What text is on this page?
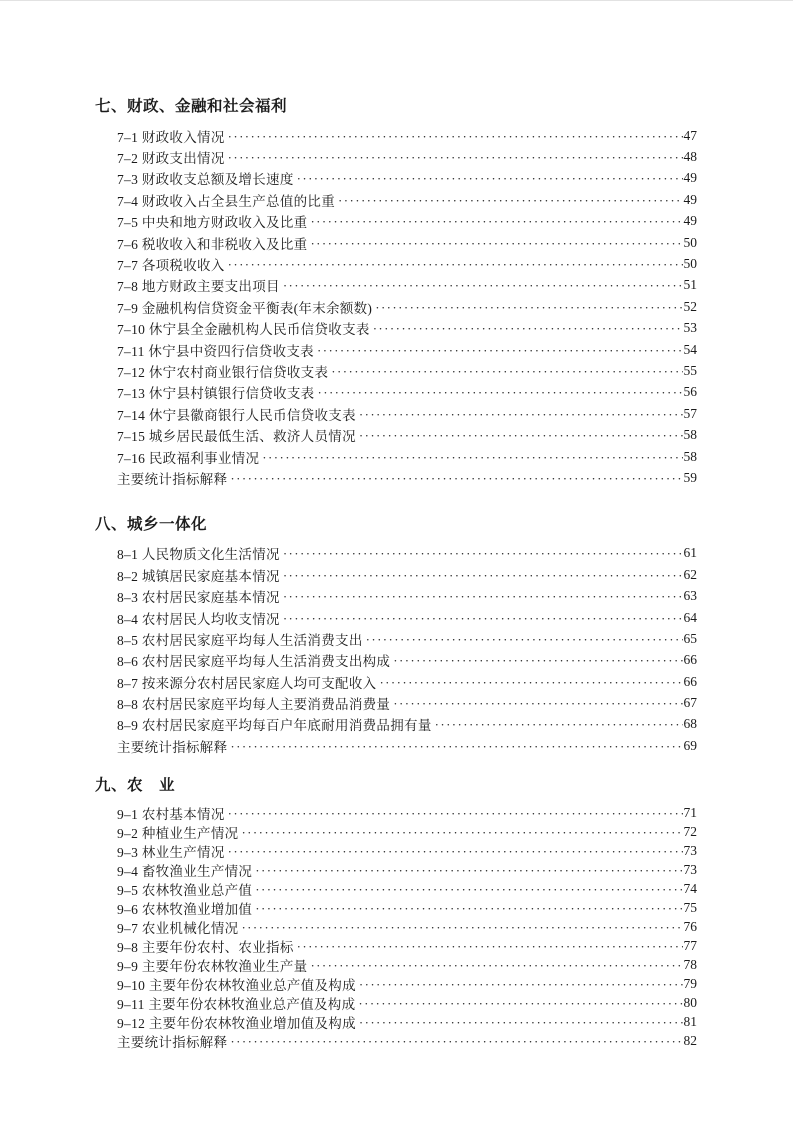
七、财政、金融和社会福利
7–1 财政收入情况 ·····	47
7–2 财政支出情况 ·····	48
7–3 财政收支总额及增长速度 ·····	49
7–4 财政收入占全县生产总值的比重 ·····	49
7–5 中央和地方财政收入及比重 ·····	49
7–6 税收收入和非税收入及比重 ·····	50
7–7 各项税收收入 ·····	50
7–8 地方财政主要支出项目 ·····	51
7–9 金融机构信贷资金平衡表(年末余额数) ·····	52
7–10 休宁县全金融机构人民币信贷收支表 ·····	53
7–11 休宁县中资四行信贷收支表 ·····	54
7–12 休宁农村商业银行信贷收支表 ·····	55
7–13 休宁县村镇银行信贷收支表 ·····	56
7–14 休宁县徽商银行人民币信贷收支表 ·····	57
7–15 城乡居民最低生活、救济人员情况 ·····	58
7–16 民政福利事业情况 ·····	58
主要统计指标解释 ·····	59
八、城乡一体化
8–1 人民物质文化生活情况 ·····	61
8–2 城镇居民家庭基本情况 ·····	62
8–3 农村居民家庭基本情况 ·····	63
8–4 农村居民人均收支情况 ·····	64
8–5 农村居民家庭平均每人生活消费支出 ·····	65
8–6 农村居民家庭平均每人生活消费支出构成 ·····	66
8–7 按来源分农村居民家庭人均可支配收入 ·····	66
8–8 农村居民家庭平均每人主要消费品消费量 ·····	67
8–9 农村居民家庭平均每百户年底耐用消费品拥有量 ·····	68
主要统计指标解释 ·····	69
九、农　业
9–1 农村基本情况 ·····	71
9–2 种植业生产情况 ·····	72
9–3 林业生产情况 ·····	73
9–4 畜牧渔业生产情况 ·····	73
9–5 农林牧渔业总产值 ·····	74
9–6 农林牧渔业增加值 ·····	75
9–7 农业机械化情况 ·····	76
9–8 主要年份农村、农业指标 ·····	77
9–9 主要年份农林牧渔业生产量 ·····	78
9–10 主要年份农林牧渔业总产值及构成 ·····	79
9–11 主要年份农林牧渔业总产值及构成 ·····	80
9–12 主要年份农林牧渔业增加值及构成 ·····	81
主要统计指标解释 ·····	82
